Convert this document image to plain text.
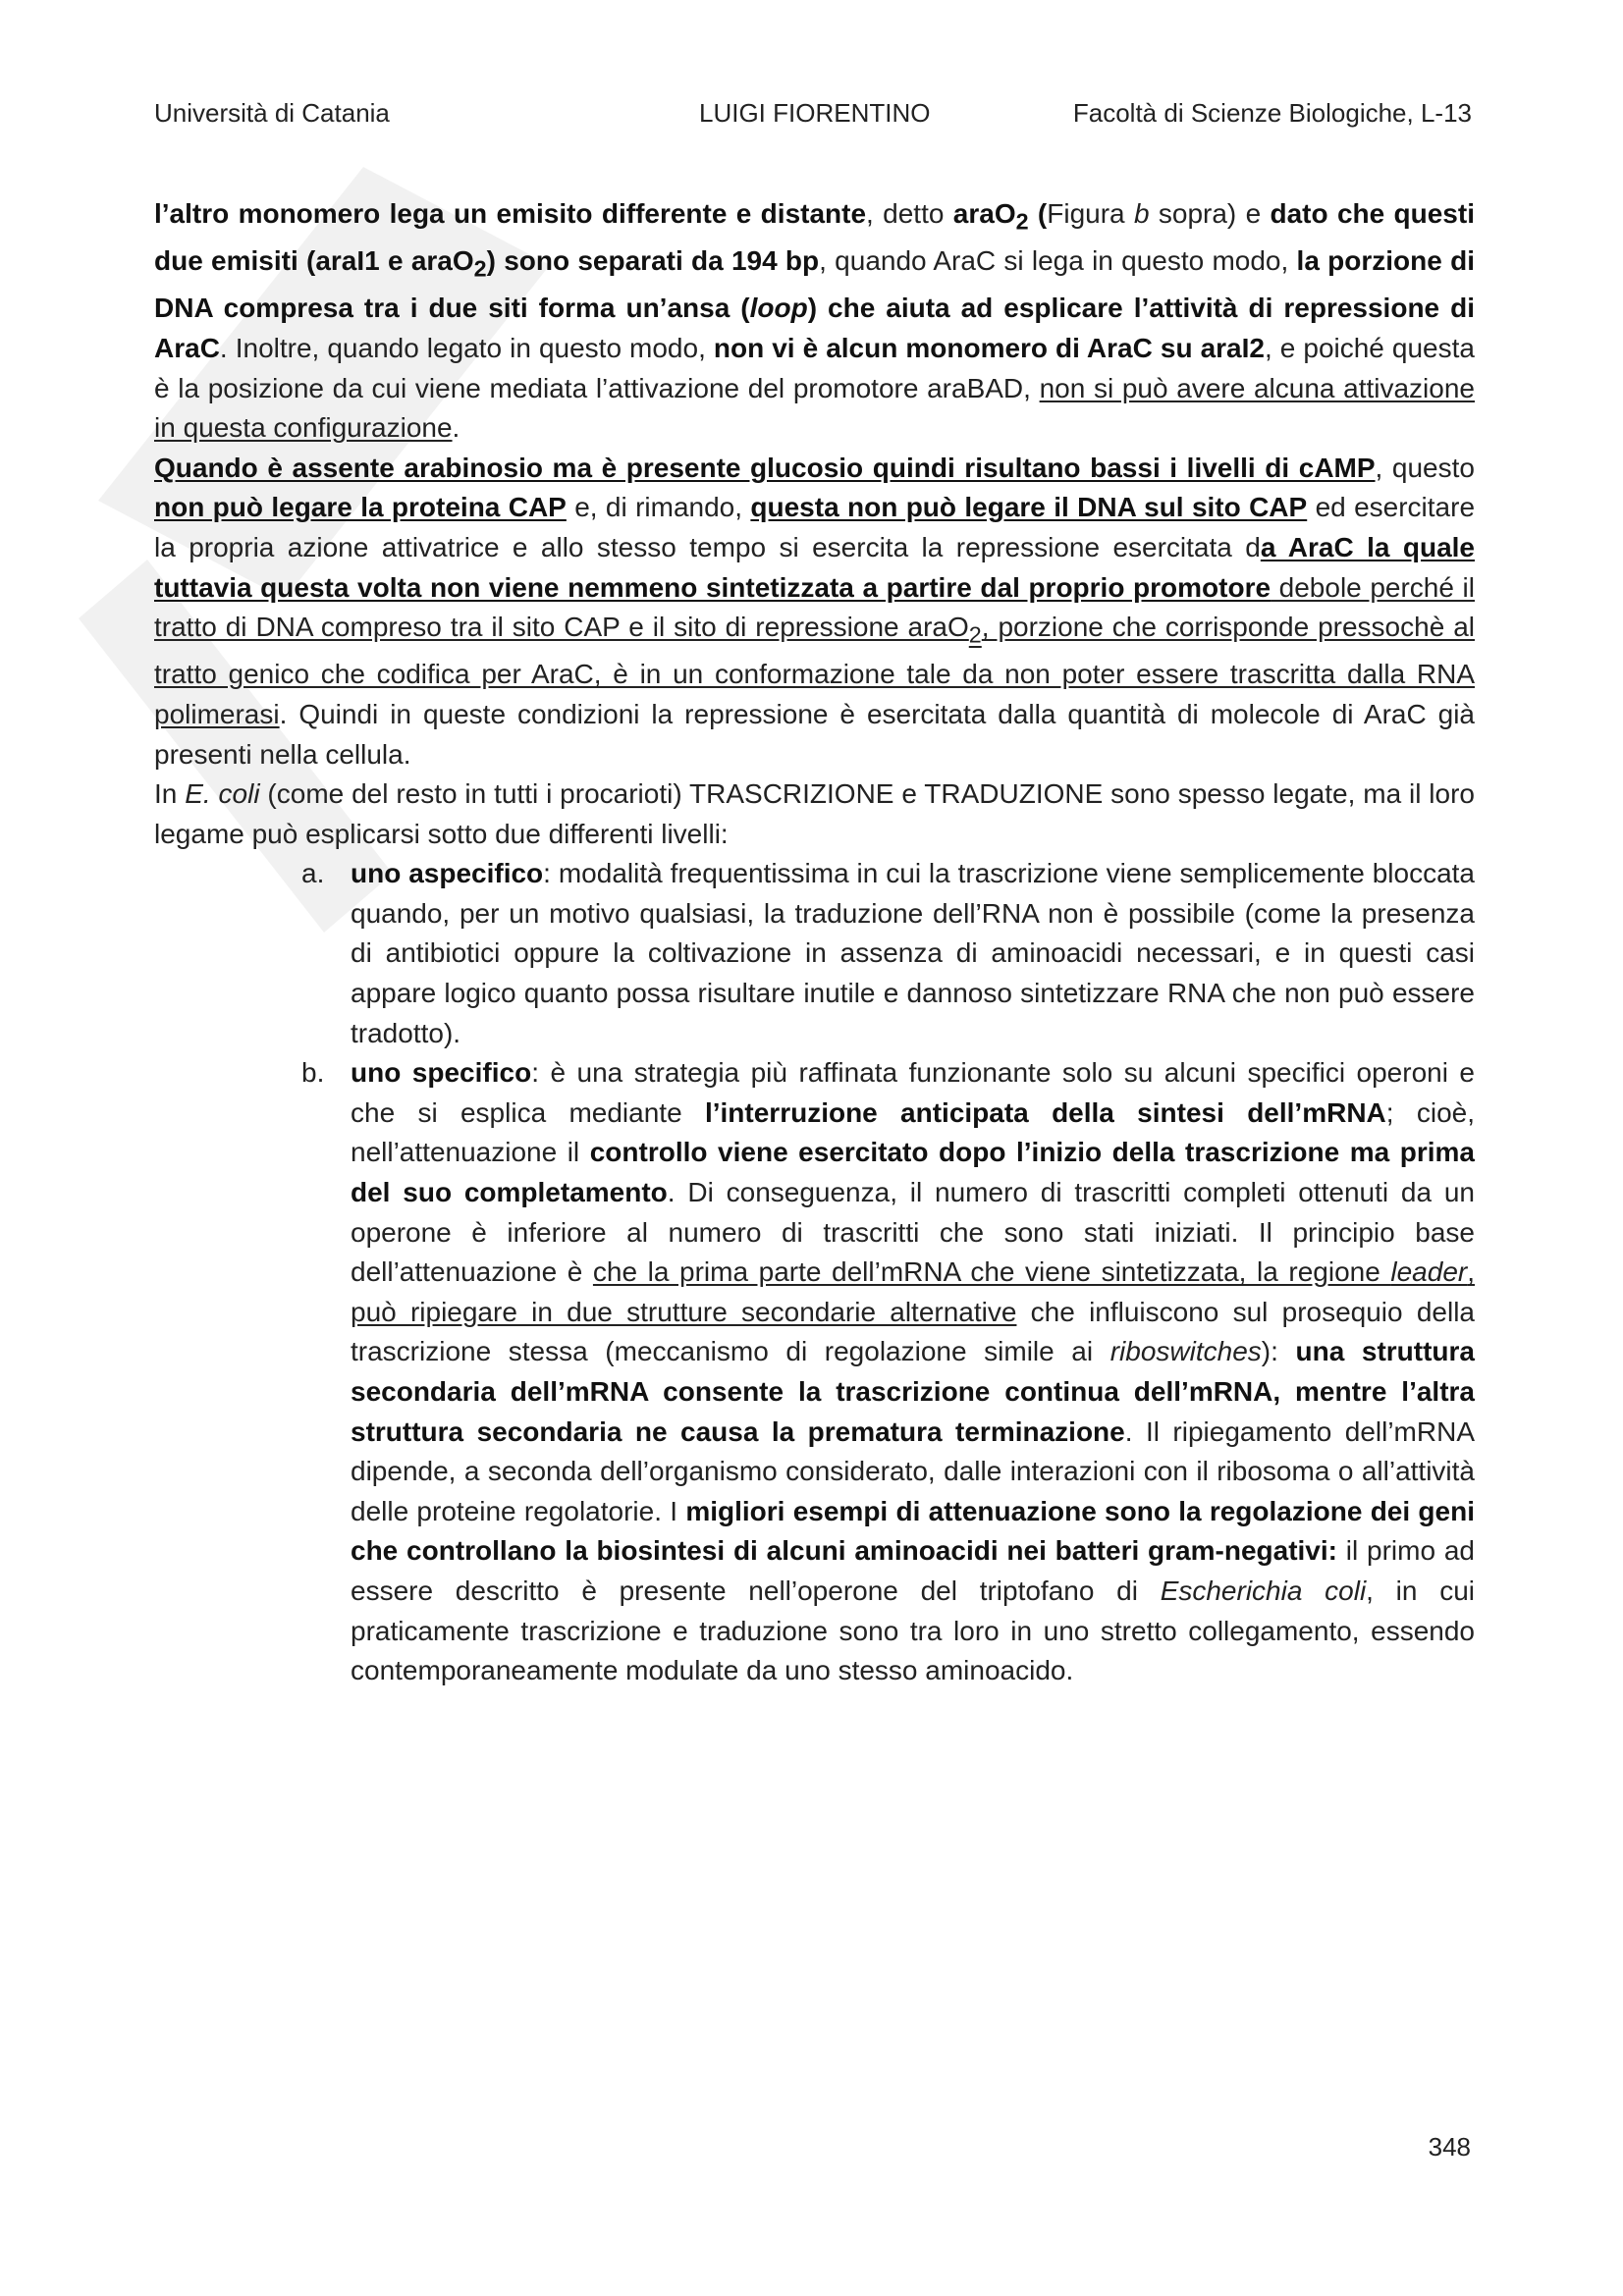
Università di Catania	LUIGI FIORENTINO	Facoltà di Scienze Biologiche, L-13

l’altro monomero lega un emisito differente e distante, detto araO$_2$ (Figura b sopra) e dato che questi due emisiti (araI1 e araO$_2$) sono separati da 194 bp, quando AraC si lega in questo modo, la porzione di DNA compresa tra i due siti forma un’ansa (loop) che aiuta ad esplicare l’attività di repressione di AraC. Inoltre, quando legato in questo modo, non vi è alcun monomero di AraC su araI2, e poiché questa è la posizione da cui viene mediata l’attivazione del promotore araBAD, non si può avere alcuna attivazione in questa configurazione.

Quando è assente arabinosio ma è presente glucosio quindi risultano bassi i livelli di cAMP, questo non può legare la proteina CAP e, di rimando, questa non può legare il DNA sul sito CAP ed esercitare la propria azione attivatrice e allo stesso tempo si esercita la repressione esercitata da AraC la quale tuttavia questa volta non viene nemmeno sintetizzata a partire dal proprio promotore debole perché il tratto di DNA compreso tra il sito CAP e il sito di repressione araO$_2$, porzione che corrisponde pressochè al tratto genico che codifica per AraC, è in un conformazione tale da non poter essere trascritta dalla RNA polimerasi. Quindi in queste condizioni la repressione è esercitata dalla quantità di molecole di AraC già presenti nella cellula.

In E. coli (come del resto in tutti i procarioti) TRASCRIZIONE e TRADUZIONE sono spesso legate, ma il loro legame può esplicarsi sotto due differenti livelli:

a. uno aspecifico: modalità frequentissima in cui la trascrizione viene semplicemente bloccata quando, per un motivo qualsiasi, la traduzione dell’RNA non è possibile (come la presenza di antibiotici oppure la coltivazione in assenza di aminoacidi necessari, e in questi casi appare logico quanto possa risultare inutile e dannoso sintetizzare RNA che non può essere tradotto).
b. uno specifico: è una strategia più raffinata funzionante solo su alcuni specifici operoni e che si esplica mediante l’interruzione anticipata della sintesi dell’mRNA; cioè, nell’attenuazione il controllo viene esercitato dopo l’inizio della trascrizione ma prima del suo completamento. Di conseguenza, il numero di trascritti completi ottenuti da un operone è inferiore al numero di trascritti che sono stati iniziati. Il principio base dell’attenuazione è che la prima parte dell’mRNA che viene sintetizzata, la regione leader, può ripiegare in due strutture secondarie alternative che influiscono sul prosequio della trascrizione stessa (meccanismo di regolazione simile ai riboswitches): una struttura secondaria dell’mRNA consente la trascrizione continua dell’mRNA, mentre l’altra struttura secondaria ne causa la prematura terminazione. Il ripiegamento dell’mRNA dipende, a seconda dell’organismo considerato, dalle interazioni con il ribosoma o all’attività delle proteine regolatorie. I migliori esempi di attenuazione sono la regolazione dei geni che controllano la biosintesi di alcuni aminoacidi nei batteri gram-negativi: il primo ad essere descritto è presente nell’operone del triptofano di Escherichia coli, in cui praticamente trascrizione e traduzione sono tra loro in uno stretto collegamento, essendo contemporaneamente modulate da uno stesso aminoacido.
348
